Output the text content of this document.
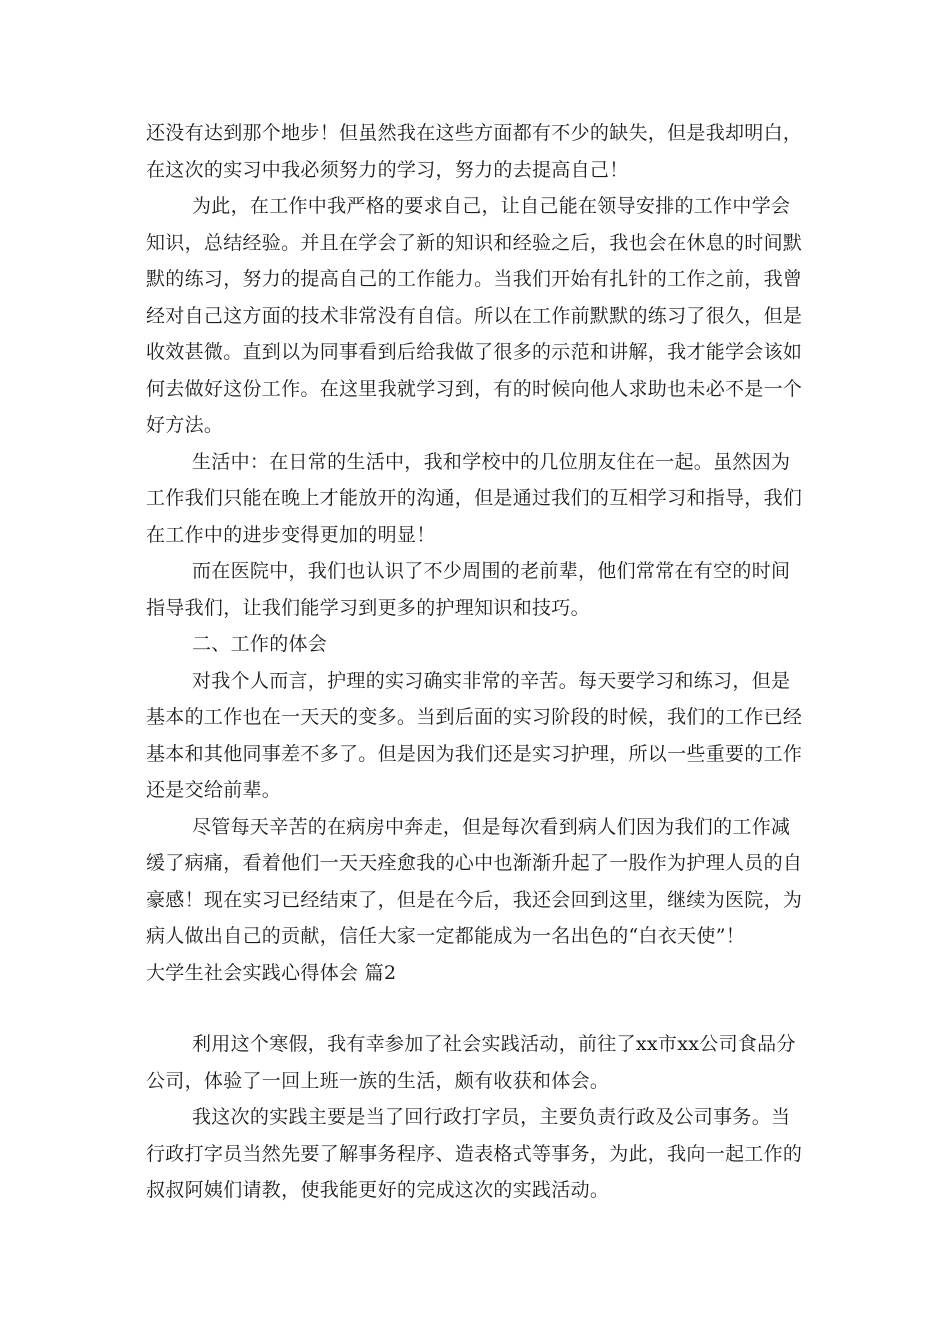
还没有达到那个地步！但虽然我在这些方面都有不少的缺失，但是我却明白，在这次的实习中我必须努力的学习，努力的去提高自己！

为此，在工作中我严格的要求自己，让自己能在领导安排的工作中学会知识，总结经验。并且在学会了新的知识和经验之后，我也会在休息的时间默默的练习，努力的提高自己的工作能力。当我们开始有扎针的工作之前，我曾经对自己这方面的技术非常没有自信。所以在工作前默默的练习了很久，但是收效甚微。直到以为同事看到后给我做了很多的示范和讲解，我才能学会该如何去做好这份工作。在这里我就学习到，有的时候向他人求助也未必不是一个好方法。

生活中：在日常的生活中，我和学校中的几位朋友住在一起。虽然因为工作我们只能在晚上才能放开的沟通，但是通过我们的互相学习和指导，我们在工作中的进步变得更加的明显！

而在医院中，我们也认识了不少周围的老前辈，他们常常在有空的时间指导我们，让我们能学习到更多的护理知识和技巧。

二、工作的体会

对我个人而言，护理的实习确实非常的辛苦。每天要学习和练习，但是基本的工作也在一天天的变多。当到后面的实习阶段的时候，我们的工作已经基本和其他同事差不多了。但是因为我们还是实习护理，所以一些重要的工作还是交给前辈。

尽管每天辛苦的在病房中奔走，但是每次看到病人们因为我们的工作减缓了病痛，看着他们一天天痊愈我的心中也渐渐升起了一股作为护理人员的自豪感！现在实习已经结束了，但是在今后，我还会回到这里，继续为医院，为病人做出自己的贡献，信任大家一定都能成为一名出色的“白衣天使”！

大学生社会实践心得体会 篇2

利用这个寒假，我有幸参加了社会实践活动，前往了xx市xx公司食品分公司，体验了一回上班一族的生活，颇有收获和体会。

我这次的实践主要是当了回行政打字员，主要负责行政及公司事务。当行政打字员当然先要了解事务程序、造表格式等事务，为此，我向一起工作的叔叔阿姨们请教，使我能更好的完成这次的实践活动。
